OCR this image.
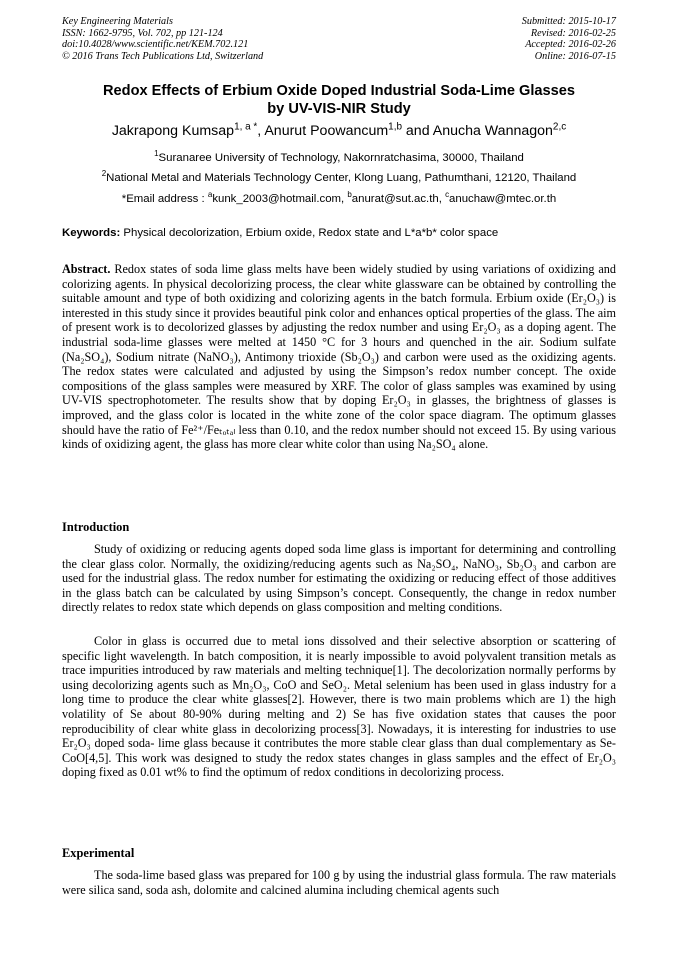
Key Engineering Materials
ISSN: 1662-9795, Vol. 702, pp 121-124
doi:10.4028/www.scientific.net/KEM.702.121
© 2016 Trans Tech Publications Ltd, Switzerland
Submitted: 2015-10-17
Revised: 2016-02-25
Accepted: 2016-02-26
Online: 2016-07-15
Redox Effects of Erbium Oxide Doped Industrial Soda-Lime Glasses
by UV-VIS-NIR Study
Jakrapong Kumsap$^{1, a *}$, Anurut Poowancum$^{1,b}$ and Anucha Wannagon$^{2,c}$
$^1$Suranaree University of Technology, Nakornratchasima, 30000, Thailand
$^2$National Metal and Materials Technology Center, Klong Luang, Pathumthani, 12120, Thailand
*Email address : $^a$kunk_2003@hotmail.com, $^b$anurat@sut.ac.th, $^c$anuchaw@mtec.or.th
Keywords: Physical decolorization, Erbium oxide, Redox state and L*a*b* color space

Abstract. Redox states of soda lime glass melts have been widely studied by using variations of oxidizing and colorizing agents. In physical decolorizing process, the clear white glassware can be obtained by controlling the suitable amount and type of both oxidizing and colorizing agents in the batch formula. Erbium oxide (Er₂O₃) is interested in this study since it provides beautiful pink color and enhances optical properties of the glass. The aim of present work is to decolorized glasses by adjusting the redox number and using Er₂O₃ as a doping agent. The industrial soda-lime glasses were melted at 1450 °C for 3 hours and quenched in the air. Sodium sulfate (Na₂SO₄), Sodium nitrate (NaNO₃), Antimony trioxide (Sb₂O₃) and carbon were used as the oxidizing agents. The redox states were calculated and adjusted by using the Simpson’s redox number concept. The oxide compositions of the glass samples were measured by XRF. The color of glass samples was examined by using UV-VIS spectrophotometer. The results show that by doping Er₂O₃ in glasses, the brightness of glasses is improved, and the glass color is located in the white zone of the color space diagram. The optimum glasses should have the ratio of Fe²⁺/Feₜₒₜₐₗ less than 0.10, and the redox number should not exceed 15. By using various kinds of oxidizing agent, the glass has more clear white color than using Na₂SO₄ alone.

Introduction

Study of oxidizing or reducing agents doped soda lime glass is important for determining and controlling the clear glass color. Normally, the oxidizing/reducing agents such as Na₂SO₄, NaNO₃, Sb₂O₃ and carbon are used for the industrial glass. The redox number for estimating the oxidizing or reducing effect of those additives in the glass batch can be calculated by using Simpson’s concept. Consequently, the change in redox number directly relates to redox state which depends on glass composition and melting conditions.

Color in glass is occurred due to metal ions dissolved and their selective absorption or scattering of specific light wavelength. In batch composition, it is nearly impossible to avoid polyvalent transition metals as trace impurities introduced by raw materials and melting technique[1]. The decolorization normally performs by using decolorizing agents such as Mn₂O₃, CoO and SeO₂. Metal selenium has been used in glass industry for a long time to produce the clear white glasses[2]. However, there is two main problems which are 1) the high volatility of Se about 80-90% during melting and 2) Se has five oxidation states that causes the poor reproducibility of clear white glass in decolorizing process[3]. Nowadays, it is interesting for industries to use Er₂O₃ doped soda- lime glass because it contributes the more stable clear glass than dual complementary as Se-CoO[4,5]. This work was designed to study the redox states changes in glass samples and the effect of Er₂O₃ doping fixed as 0.01 wt% to find the optimum of redox conditions in decolorizing process.

Experimental

The soda-lime based glass was prepared for 100 g by using the industrial glass formula. The raw materials were silica sand, soda ash, dolomite and calcined alumina including chemical agents such
